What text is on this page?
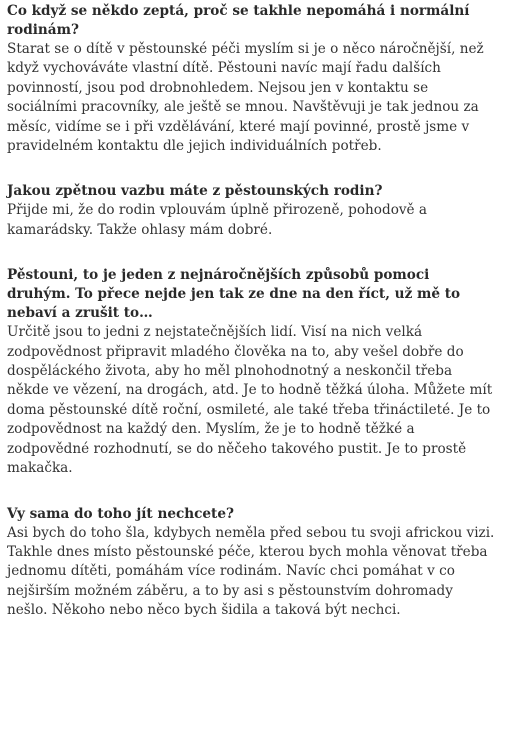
Co když se někdo zeptá, proč se takhle nepomáhá i normální rodinám?

Starat se o dítě v pěstounské péči myslím si je o něco náročnější, než když vychováváte vlastní dítě. Pěstouni navíc mají řadu dalších povinností, jsou pod drobnohledem. Nejsou jen v kontaktu se sociálními pracovníky, ale ještě se mnou. Navštěvuji je tak jednou za měsíc, vidíme se i při vzdělávání, které mají povinné, prostě jsme v pravidelném kontaktu dle jejich individuálních potřeb.

Jakou zpětnou vazbu máte z pěstounských rodin?

Přijde mi, že do rodin vplouvám úplně přirozeně, pohodově a kamarádsky. Takže ohlasy mám dobré.

Pěstouni, to je jeden z nejnáročnějších způsobů pomoci druhým. To přece nejde jen tak ze dne na den říct, už mě to nebaví a zrušit to…

Určitě jsou to jedni z nejstatečnějších lidí. Visí na nich velká zodpovědnost připravit mladého člověka na to, aby vešel dobře do dospěláckého života, aby ho měl plnohodnotný a neskončil třeba někde ve vězení, na drogách, atd. Je to hodně těžká úloha. Můžete mít doma pěstounské dítě roční, osmileté, ale také třeba třináctileté. Je to zodpovědnost na každý den. Myslím, že je to hodně těžké a zodpovědné rozhodnutí, se do něčeho takového pustit. Je to prostě makačka.

Vy sama do toho jít nechcete?

Asi bych do toho šla, kdybych neměla před sebou tu svoji africkou vizi. Takhle dnes místo pěstounské péče, kterou bych mohla věnovat třeba jednomu dítěti, pomáhám více rodinám. Navíc chci pomáhat v co nejširším možném záběru, a to by asi s pěstounstvím dohromady nešlo. Někoho nebo něco bych šidila a taková být nechci.
